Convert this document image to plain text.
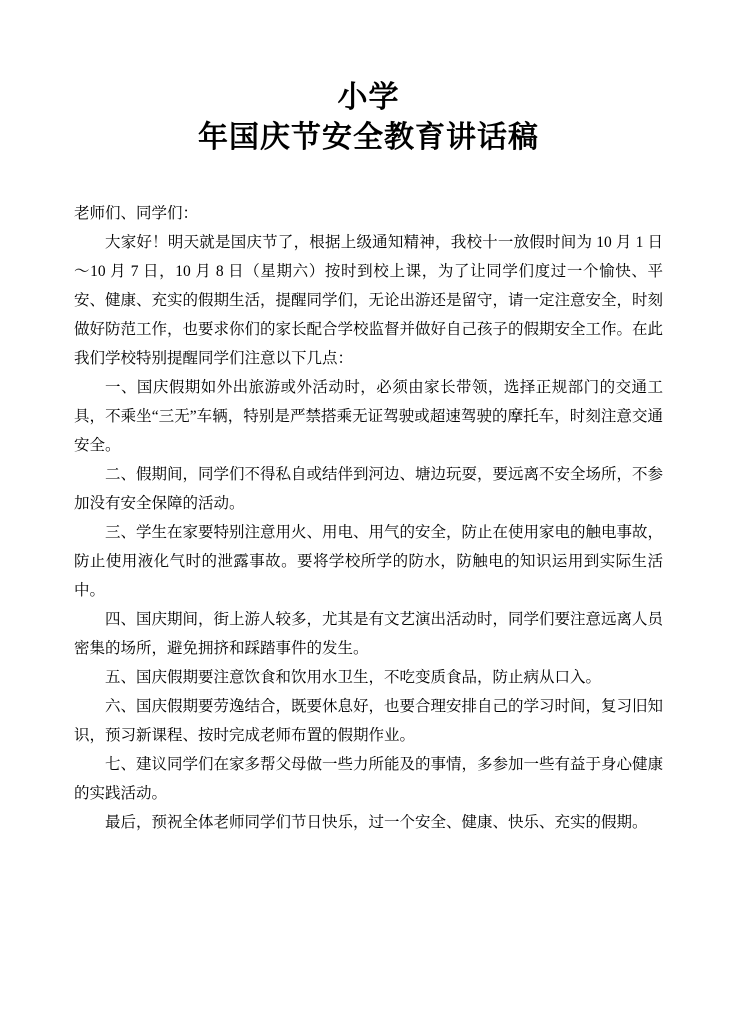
小学
年国庆节安全教育讲话稿

老师们、同学们：

大家好！明天就是国庆节了，根据上级通知精神，我校十一放假时间为 10 月 1 日～10 月 7 日，10 月 8 日（星期六）按时到校上课，为了让同学们度过一个愉快、平安、健康、充实的假期生活，提醒同学们，无论出游还是留守，请一定注意安全，时刻做好防范工作，也要求你们的家长配合学校监督并做好自己孩子的假期安全工作。在此我们学校特别提醒同学们注意以下几点：

一、国庆假期如外出旅游或外活动时，必须由家长带领，选择正规部门的交通工具，不乘坐“三无”车辆，特别是严禁搭乘无证驾驶或超速驾驶的摩托车，时刻注意交通安全。

二、假期间，同学们不得私自或结伴到河边、塘边玩耍，要远离不安全场所，不参加没有安全保障的活动。

三、学生在家要特别注意用火、用电、用气的安全，防止在使用家电的触电事故，防止使用液化气时的泄露事故。要将学校所学的防水，防触电的知识运用到实际生活中。

四、国庆期间，街上游人较多，尤其是有文艺演出活动时，同学们要注意远离人员密集的场所，避免拥挤和踩踏事件的发生。

五、国庆假期要注意饮食和饮用水卫生，不吃变质食品，防止病从口入。

六、国庆假期要劳逸结合，既要休息好，也要合理安排自己的学习时间，复习旧知识，预习新课程、按时完成老师布置的假期作业。

七、建议同学们在家多帮父母做一些力所能及的事情，多参加一些有益于身心健康的实践活动。

最后，预祝全体老师同学们节日快乐，过一个安全、健康、快乐、充实的假期。
